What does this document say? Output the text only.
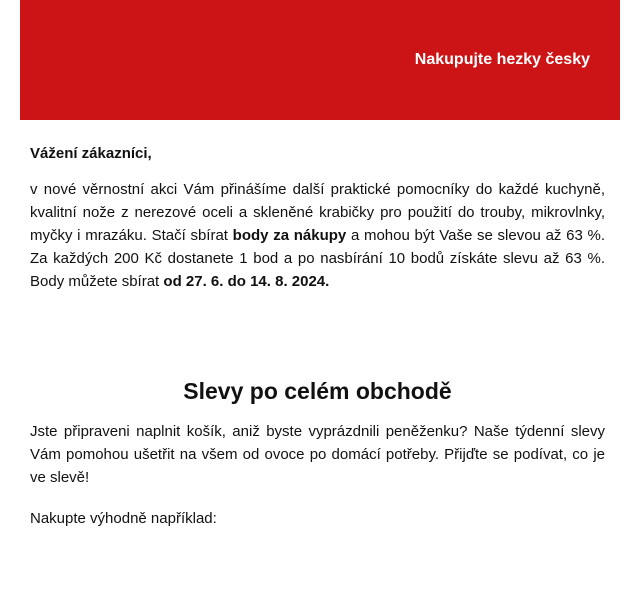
Nakupujte hezky česky

Vážení zákazníci,

v nové věrnostní akci Vám přinášíme další praktické pomocníky do každé kuchyně, kvalitní nože z nerezové oceli a skleněné krabičky pro použití do trouby, mikrovlnky, myčky i mrazáku. Stačí sbírat body za nákupy a mohou být Vaše se slevou až 63 %. Za každých 200 Kč dostanete 1 bod a po nasbírání 10 bodů získáte slevu až 63 %. Body můžete sbírat od 27. 6. do 14. 8. 2024.

Slevy po celém obchodě

Jste připraveni naplnit košík, aniž byste vyprázdnili peněženku? Naše týdenní slevy Vám pomohou ušetřit na všem od ovoce po domácí potřeby. Přijďte se podívat, co je ve slevě!

Nakupte výhodně například:
